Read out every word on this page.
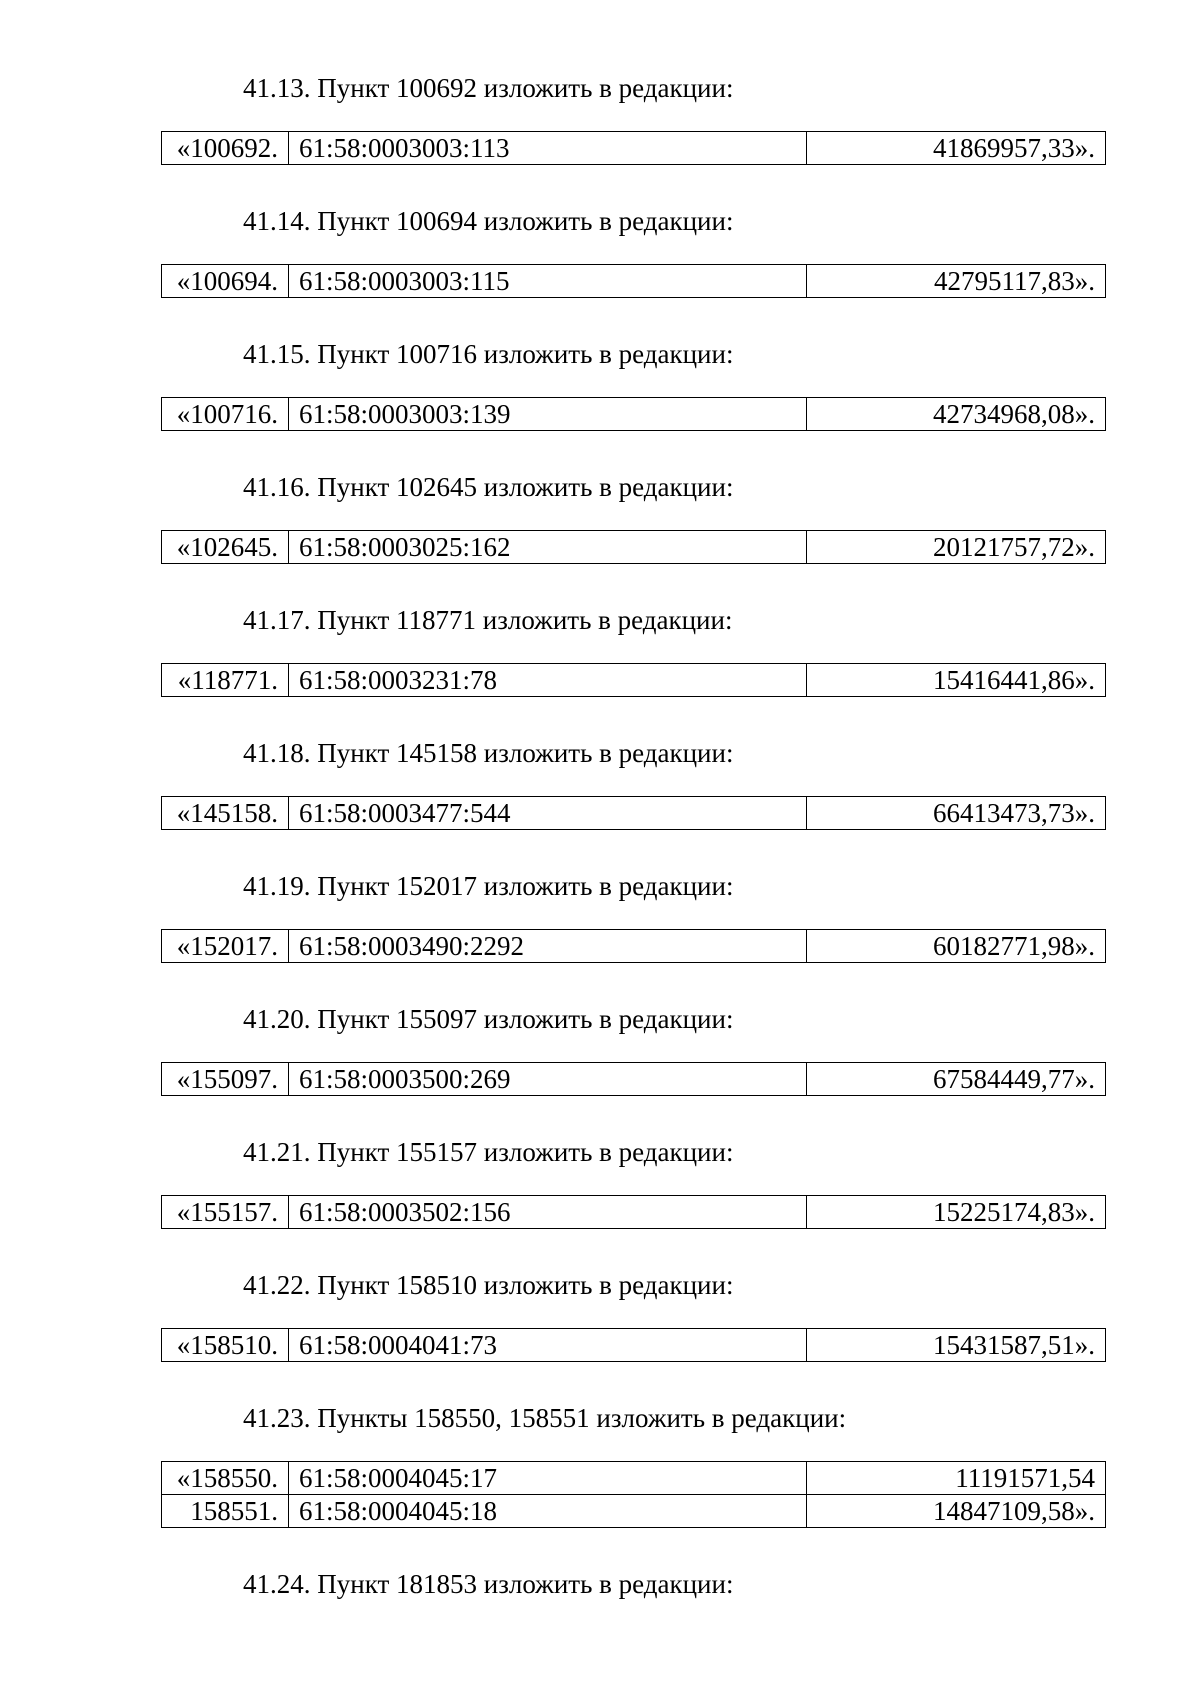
41.13. Пункт 100692 изложить в редакции:
«100692.	61:58:0003003:113	41869957,33».
41.14. Пункт 100694 изложить в редакции:
«100694.	61:58:0003003:115	42795117,83».
41.15. Пункт 100716 изложить в редакции:
«100716.	61:58:0003003:139	42734968,08».
41.16. Пункт 102645 изложить в редакции:
«102645.	61:58:0003025:162	20121757,72».
41.17. Пункт 118771 изложить в редакции:
«118771.	61:58:0003231:78	15416441,86».
41.18. Пункт 145158 изложить в редакции:
«145158.	61:58:0003477:544	66413473,73».
41.19. Пункт 152017 изложить в редакции:
«152017.	61:58:0003490:2292	60182771,98».
41.20. Пункт 155097 изложить в редакции:
«155097.	61:58:0003500:269	67584449,77».
41.21. Пункт 155157 изложить в редакции:
«155157.	61:58:0003502:156	15225174,83».
41.22. Пункт 158510 изложить в редакции:
«158510.	61:58:0004041:73	15431587,51».
41.23. Пункты 158550, 158551 изложить в редакции:
«158550.	61:58:0004045:17	11191571,54
158551.	61:58:0004045:18	14847109,58».
41.24. Пункт 181853 изложить в редакции:
